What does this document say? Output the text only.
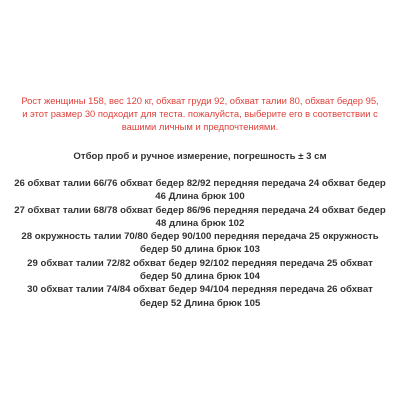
Рост женщины 158, вес 120 кг, обхват груди 92, обхват талии 80, обхват бедер 95, и этот размер 30 подходит для теста. пожалуйста, выберите его в соответствии с вашими личным и предпочтениями.

Отбор проб и ручное измерение, погрешность ± 3 см

26 обхват талии 66/76 обхват бедер 82/92 передняя передача 24 обхват бедер 46 Длина брюк 100
27 обхват талии 68/78 обхват бедер 86/96 передняя передача 24 обхват бедер 48 длина брюк 102
28 окружность талии 70/80 бедер 90/100 передняя передача 25 окружность бедер 50 длина брюк 103
29 обхват талии 72/82 обхват бедер 92/102 передняя передача 25 обхват бедер 50 длина брюк 104
30 обхват талии 74/84 обхват бедер 94/104 передняя передача 26 обхват бедер 52 Длина брюк 105
